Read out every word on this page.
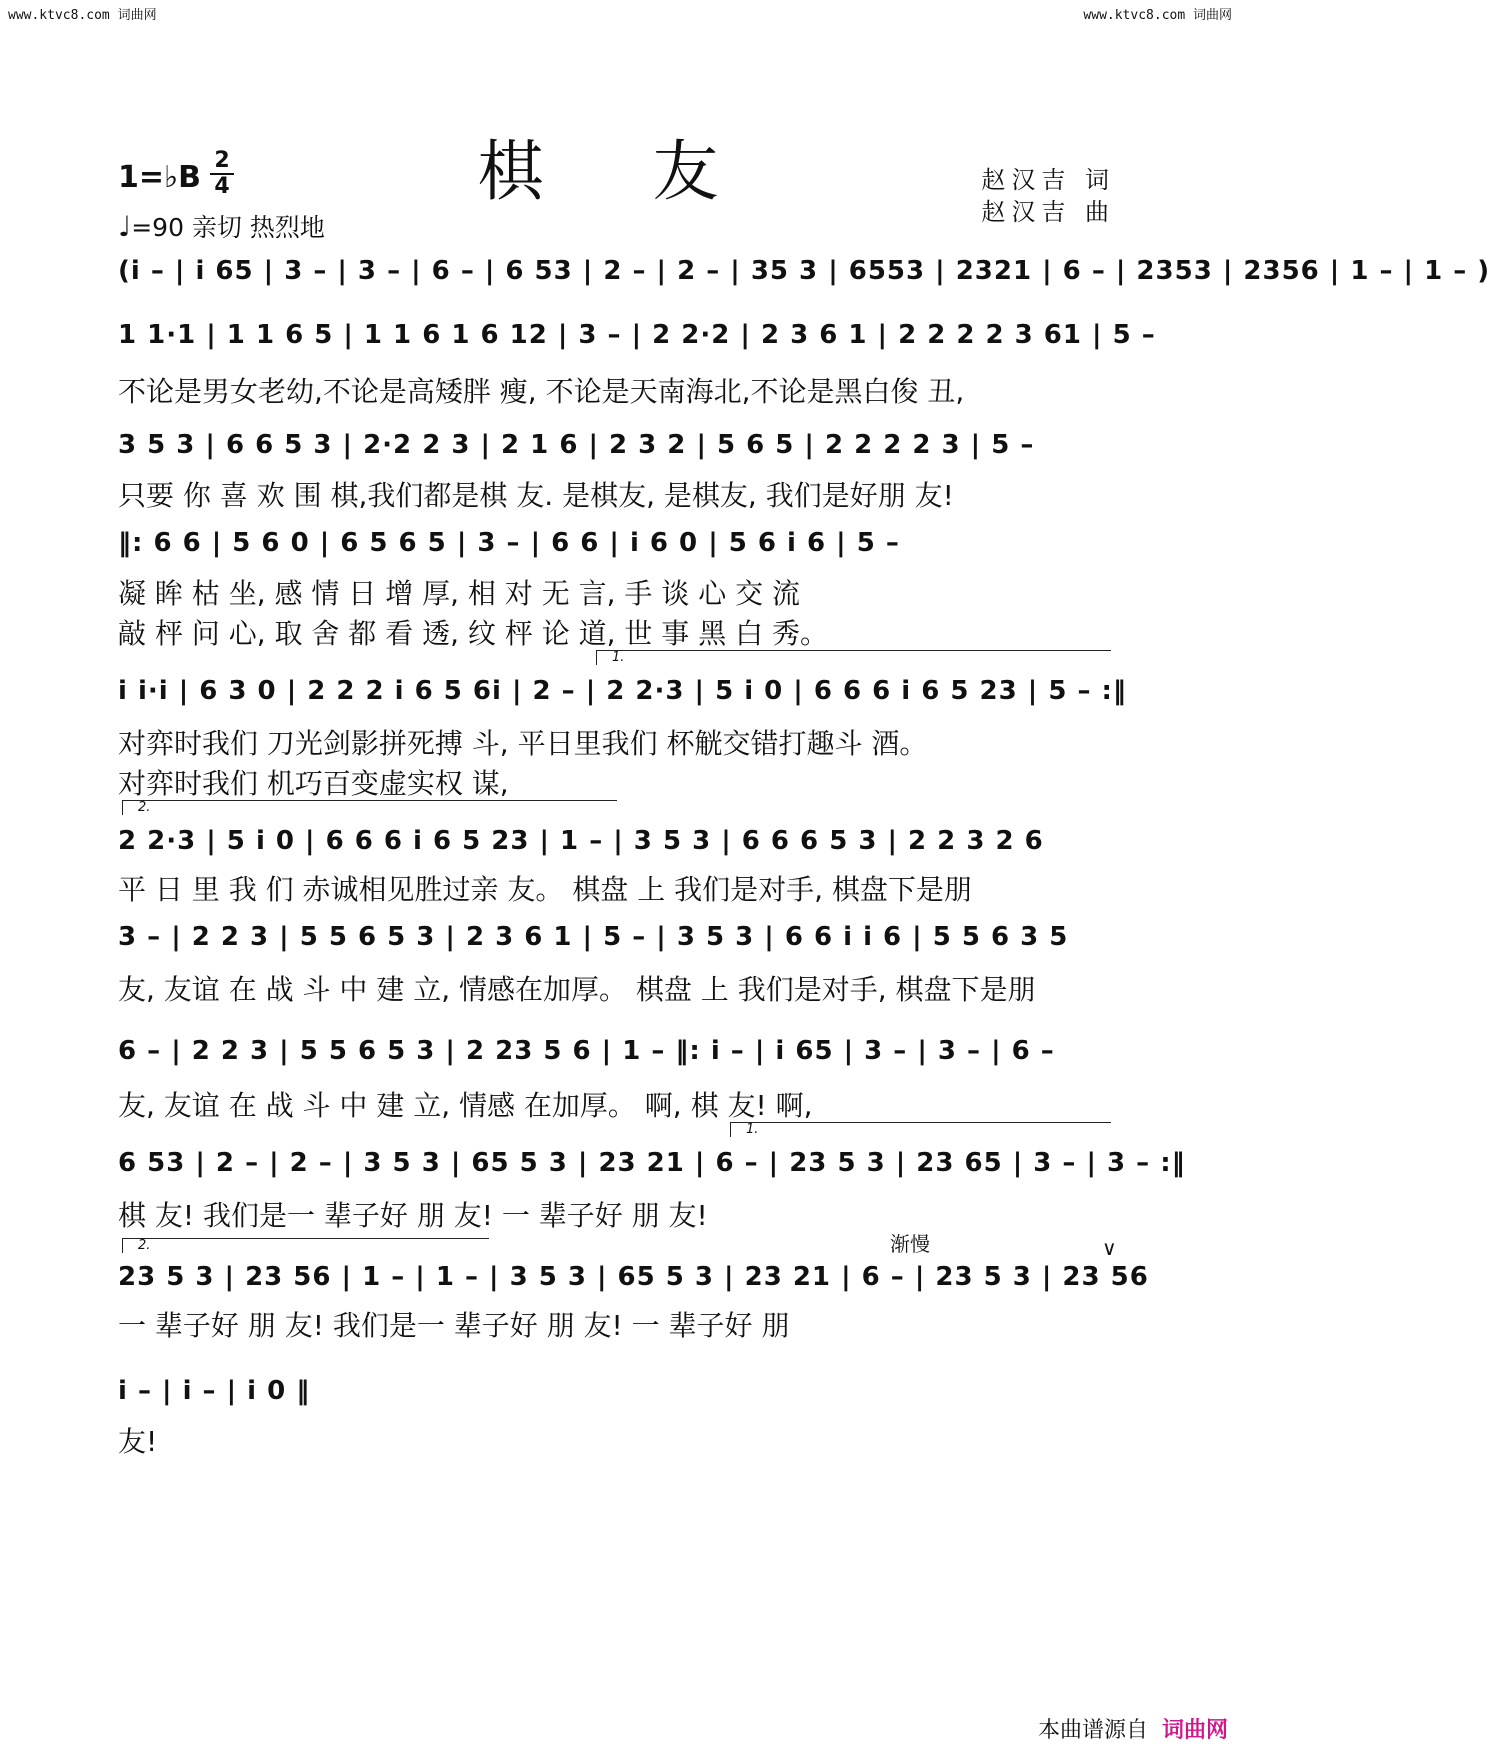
www.ktvc8.com 词曲网	www.ktvc8.com 词曲网
棋 友
1=♭B 2
4
♩=90 亲切 热烈地
赵汉吉 词
赵汉吉 曲
(i – | i 65 | 3 – | 3 – | 6 – | 6 53 | 2 – | 2 – | 35 3 | 6553 | 2321 | 6 – | 2353 | 2356 | 1 – | 1 – )
1 1·1 | 1 1 6 5 | 1 1 6 1 6 12 | 3 – | 2 2·2 | 2 3 6 1 | 2 2 2 2 3 61 | 5 –
不论是男女老幼,不论是高矮胖 瘦, 不论是天南海北,不论是黑白俊 丑,
3 5 3 | 6 6 5 3 | 2·2 2 3 | 2 1 6 | 2 3 2 | 5 6 5 | 2 2 2 2 3 | 5 –
只要 你 喜 欢 围 棋,我们都是棋 友. 是棋友, 是棋友, 我们是好朋 友!
‖: 6 6 | 5 6 0 | 6 5 6 5 | 3 – | 6 6 | i 6 0 | 5 6 i 6 | 5 –
凝 眸 枯 坐, 感 情 日 增 厚, 相 对 无 言, 手 谈 心 交 流
敲 枰 问 心, 取 舍 都 看 透, 纹 枰 论 道, 世 事 黑 白 秀。
1.
i i·i | 6 3 0 | 2 2 2 i 6 5 6i | 2 – | 2 2·3 | 5 i 0 | 6 6 6 i 6 5 23 | 5 – :‖
对弈时我们 刀光剑影拼死搏 斗, 平日里我们 杯觥交错打趣斗 酒。
对弈时我们 机巧百变虚实权 谋,
2.
2 2·3 | 5 i 0 | 6 6 6 i 6 5 23 | 1 – | 3 5 3 | 6 6 6 5 3 | 2 2 3 2 6
平 日 里 我 们 赤诚相见胜过亲 友。 棋盘 上 我们是对手, 棋盘下是朋
3 – | 2 2 3 | 5 5 6 5 3 | 2 3 6 1 | 5 – | 3 5 3 | 6 6 i i 6 | 5 5 6 3 5
友, 友谊 在 战 斗 中 建 立, 情感在加厚。 棋盘 上 我们是对手, 棋盘下是朋
6 – | 2 2 3 | 5 5 6 5 3 | 2 23 5 6 | 1 – ‖: i – | i 65 | 3 – | 3 – | 6 –
友, 友谊 在 战 斗 中 建 立, 情感 在加厚。 啊, 棋 友! 啊,
1.
6 53 | 2 – | 2 – | 3 5 3 | 65 5 3 | 23 21 | 6 – | 23 5 3 | 23 65 | 3 – | 3 – :‖
棋 友! 我们是一 辈子好 朋 友! 一 辈子好 朋 友!
渐慢
2.	∨
23 5 3 | 23 56 | 1 – | 1 – | 3 5 3 | 65 5 3 | 23 21 | 6 – | 23 5 3 | 23 56
一 辈子好 朋 友! 我们是一 辈子好 朋 友! 一 辈子好 朋
i – | i – | i 0 ‖
友!
本曲谱源自 词曲网
